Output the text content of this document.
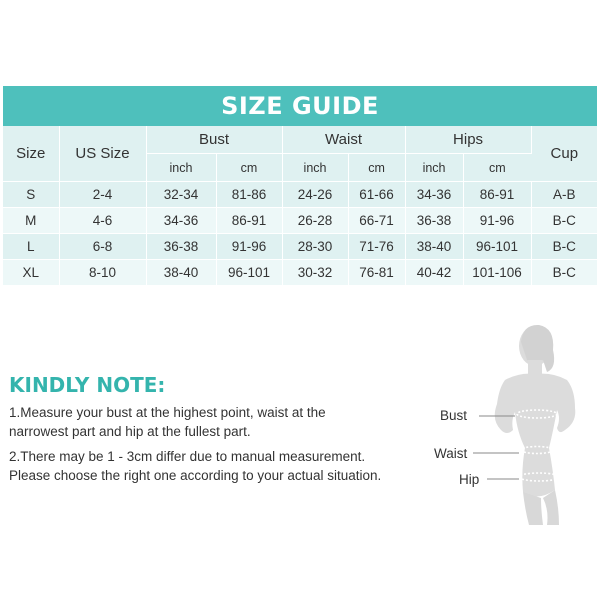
SIZE GUIDE
Size	US Size	Bust		Waist		Hips		Cup
		inch	cm	inch	cm	inch	cm	
S	2-4	32-34	81-86	24-26	61-66	34-36	86-91	A-B
M	4-6	34-36	86-91	26-28	66-71	36-38	91-96	B-C
L	6-8	36-38	91-96	28-30	71-76	38-40	96-101	B-C
XL	8-10	38-40	96-101	30-32	76-81	40-42	101-106	B-C
KINDLY NOTE:
1.Measure your bust at the highest point, waist at the
narrowest part and hip at the fullest part.
2.There may be 1 - 3cm differ due to manual measurement.
Please choose the right one according to your actual situation.
Bust
Waist
Hip
